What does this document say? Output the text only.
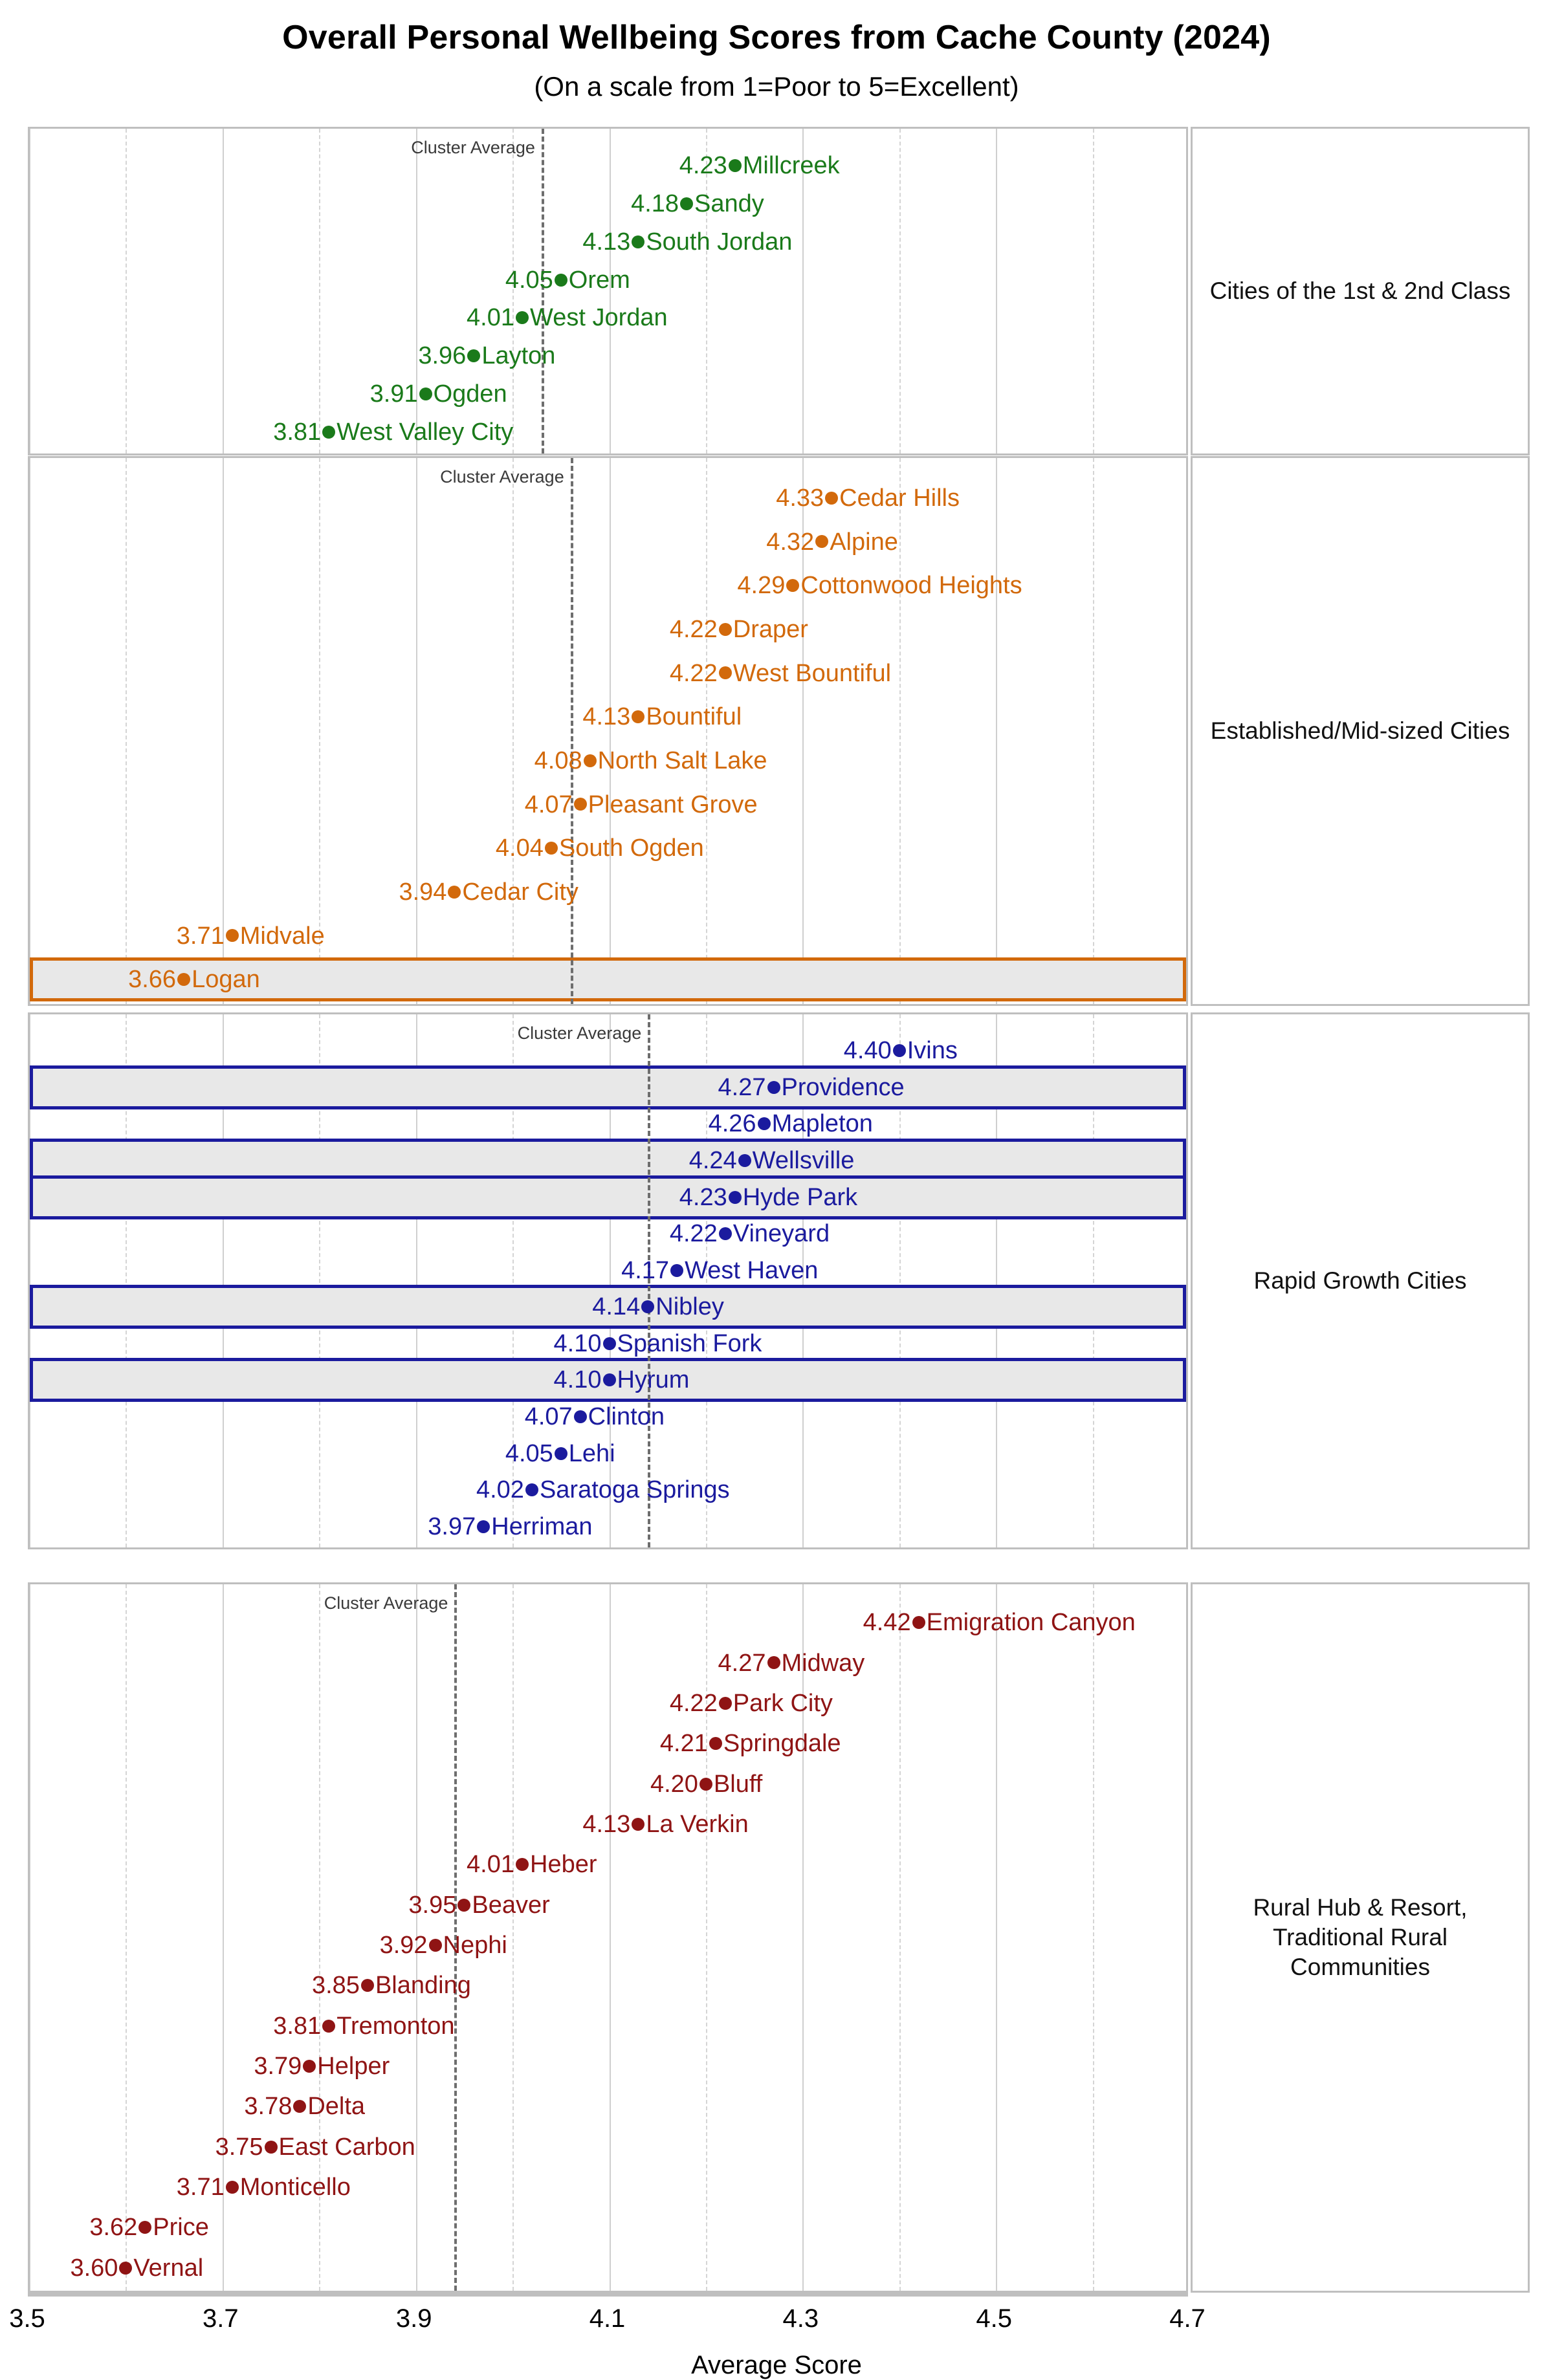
Overall Personal Wellbeing Scores from Cache County (2024)
(On a scale from 1=Poor to 5=Excellent)
Cluster Average
4.23 Millcreek
4.18 Sandy
4.13 South Jordan
4.05 Orem
4.01 West Jordan
3.96 Layton
3.91 Ogden
3.81 West Valley City
Cities of the 1st & 2nd Class
Cluster Average
4.33 Cedar Hills
4.32 Alpine
4.29 Cottonwood Heights
4.22 Draper
4.22 West Bountiful
4.13 Bountiful
4.08 North Salt Lake
4.07 Pleasant Grove
4.04 South Ogden
3.94 Cedar City
3.71 Midvale
3.66 Logan
Established/Mid-sized Cities
Cluster Average
4.40 Ivins
4.27 Providence
4.26 Mapleton
4.24 Wellsville
4.23 Hyde Park
4.22 Vineyard
4.17 West Haven
4.14 Nibley
4.10 Spanish Fork
4.10 Hyrum
4.07 Clinton
4.05 Lehi
4.02 Saratoga Springs
3.97 Herriman
Rapid Growth Cities
Cluster Average
4.42 Emigration Canyon
4.27 Midway
4.22 Park City
4.21 Springdale
4.20 Bluff
4.13 La Verkin
4.01 Heber
3.95 Beaver
3.92 Nephi
3.85 Blanding
3.81 Tremonton
3.79 Helper
3.78 Delta
3.75 East Carbon
3.71 Monticello
3.62 Price
3.60 Vernal
Rural Hub & Resort, Traditional Rural Communities
3.5	3.7	3.9	4.1	4.3	4.5	4.7
Average Score
